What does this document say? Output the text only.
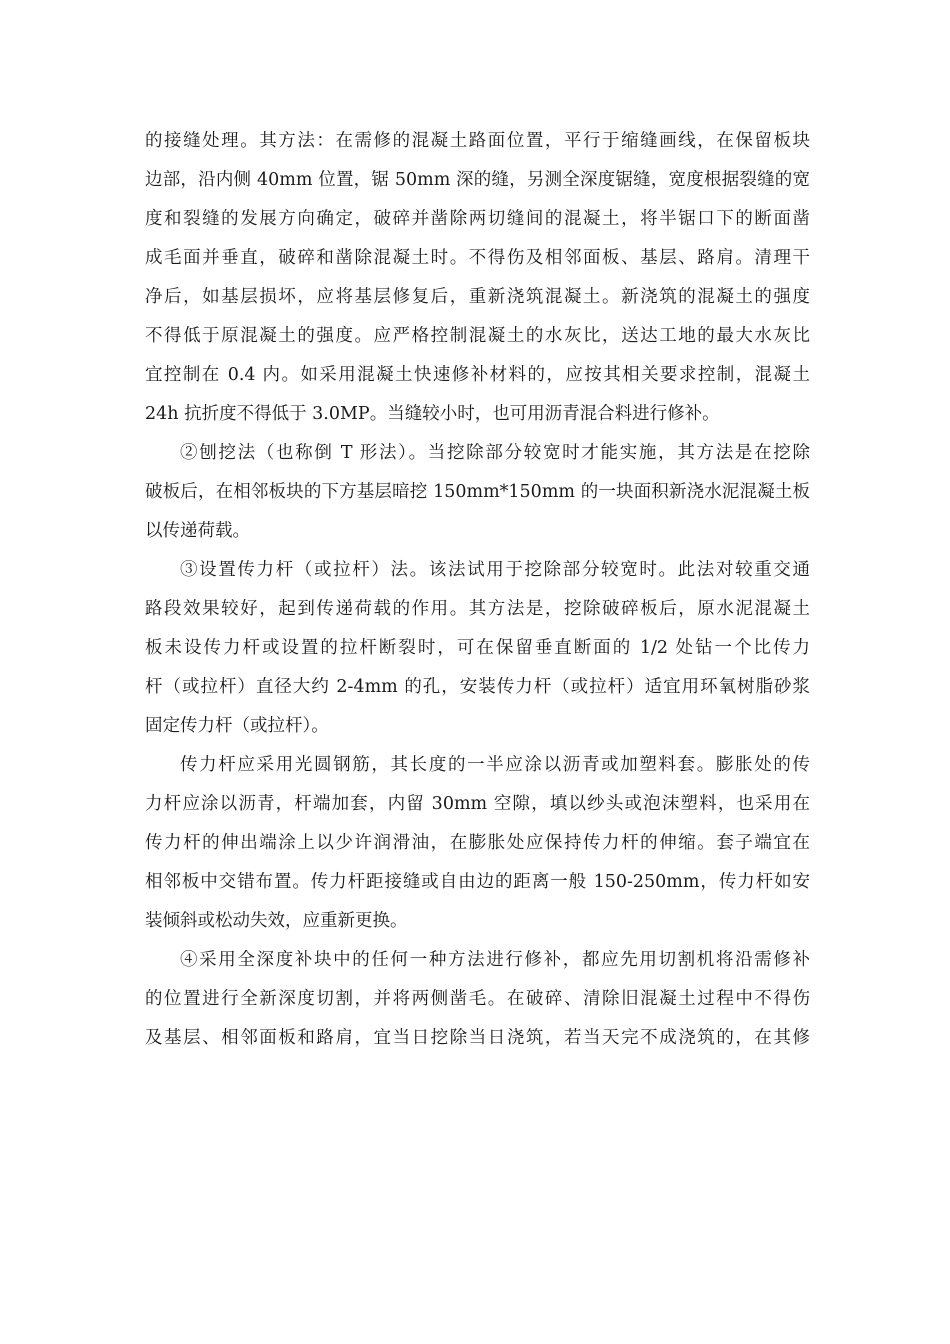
的接缝处理。其方法：在需修的混凝土路面位置，平行于缩缝画线，在保留板块
边部，沿内侧 40mm 位置，锯 50mm 深的缝，另测全深度锯缝，宽度根据裂缝的宽
度和裂缝的发展方向确定，破碎并凿除两切缝间的混凝土，将半锯口下的断面凿
成毛面并垂直，破碎和凿除混凝土时。不得伤及相邻面板、基层、路肩。清理干
净后，如基层损坏，应将基层修复后，重新浇筑混凝土。新浇筑的混凝土的强度
不得低于原混凝土的强度。应严格控制混凝土的水灰比，送达工地的最大水灰比
宜控制在 0.4 内。如采用混凝土快速修补材料的，应按其相关要求控制，混凝土
24h 抗折度不得低于 3.0MP。当缝较小时，也可用沥青混合料进行修补。
②刨挖法（也称倒 T 形法）。当挖除部分较宽时才能实施，其方法是在挖除
破板后，在相邻板块的下方基层暗挖 150mm*150mm 的一块面积新浇水泥混凝土板
以传递荷载。
③设置传力杆（或拉杆）法。该法试用于挖除部分较宽时。此法对较重交通
路段效果较好，起到传递荷载的作用。其方法是，挖除破碎板后，原水泥混凝土
板未设传力杆或设置的拉杆断裂时，可在保留垂直断面的 1/2 处钻一个比传力
杆（或拉杆）直径大约 2-4mm 的孔，安装传力杆（或拉杆）适宜用环氧树脂砂浆
固定传力杆（或拉杆）。
传力杆应采用光圆钢筋，其长度的一半应涂以沥青或加塑料套。膨胀处的传
力杆应涂以沥青，杆端加套，内留 30mm 空隙，填以纱头或泡沫塑料，也采用在
传力杆的伸出端涂上以少许润滑油，在膨胀处应保持传力杆的伸缩。套子端宜在
相邻板中交错布置。传力杆距接缝或自由边的距离一般 150-250mm，传力杆如安
装倾斜或松动失效，应重新更换。
④采用全深度补块中的任何一种方法进行修补，都应先用切割机将沿需修补
的位置进行全新深度切割，并将两侧凿毛。在破碎、清除旧混凝土过程中不得伤
及基层、相邻面板和路肩，宜当日挖除当日浇筑，若当天完不成浇筑的，在其修
